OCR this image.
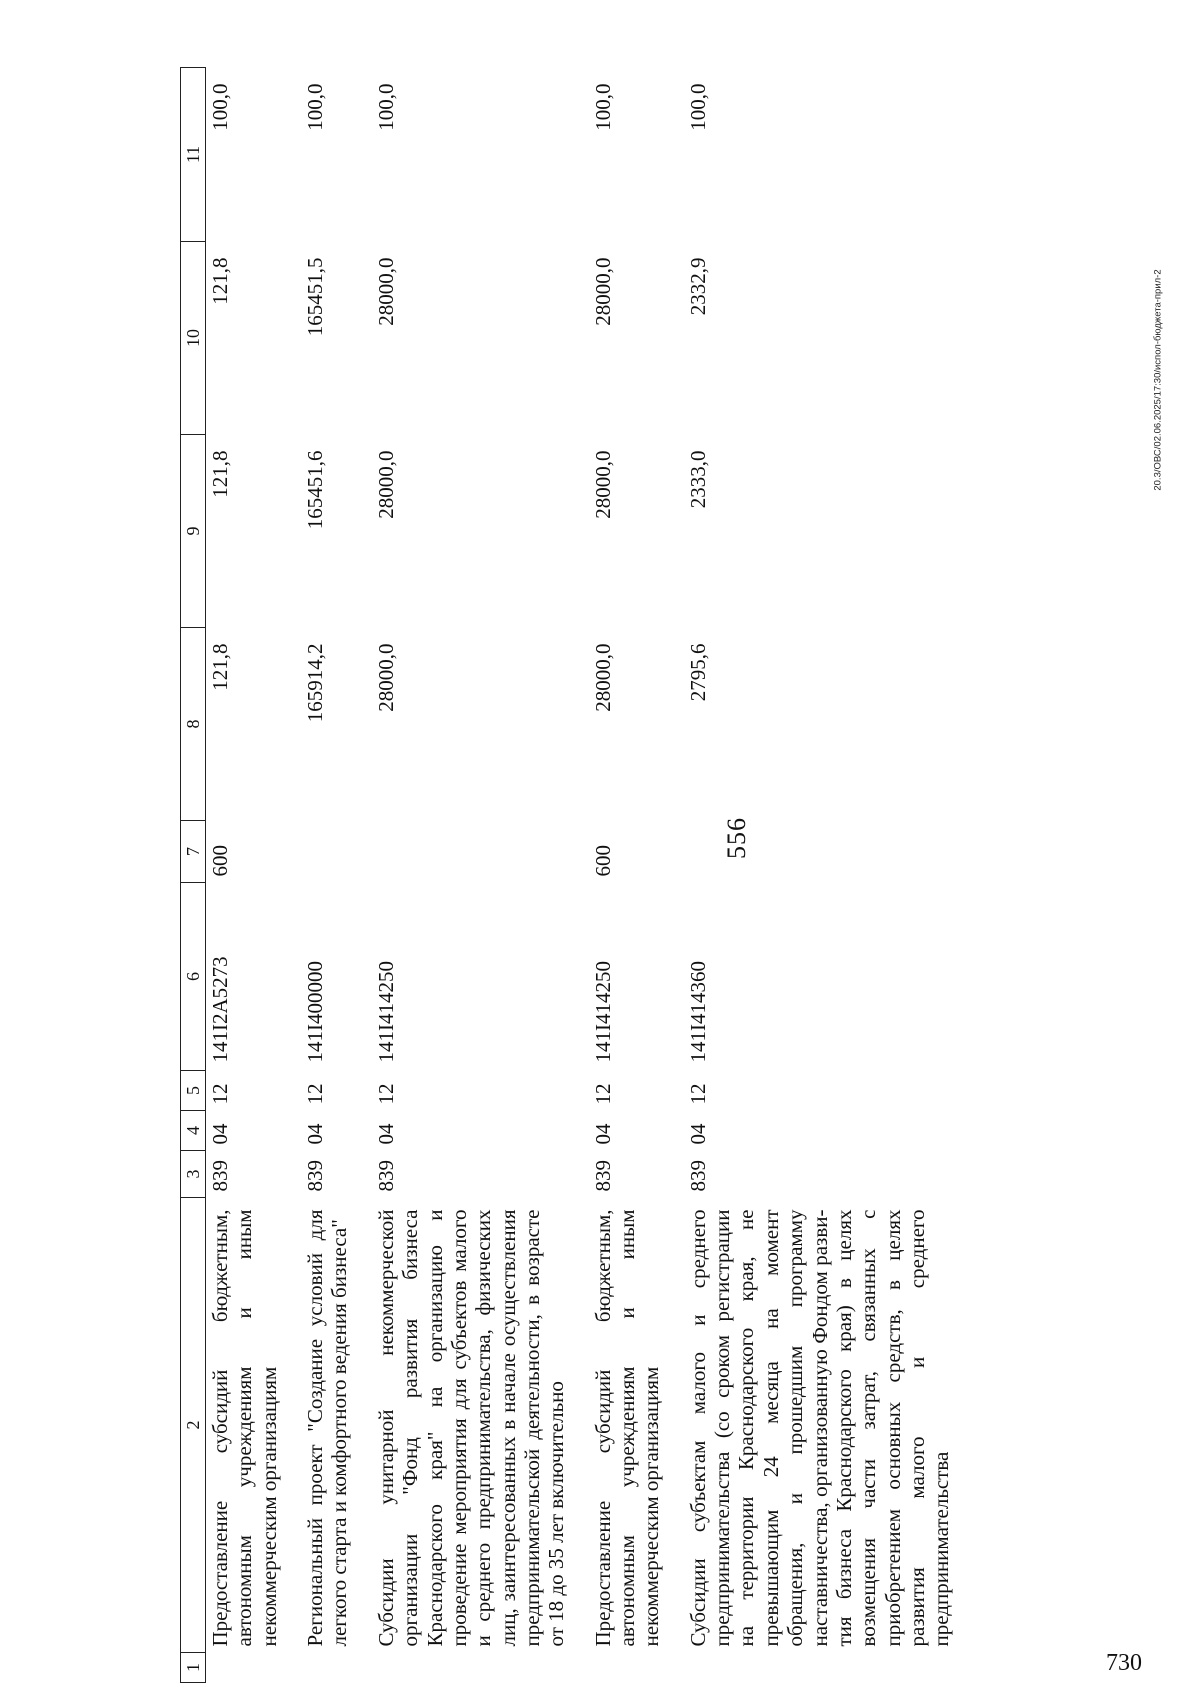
556
20.3/ОВС/02.06.2025/17:30/испол-бюджета-прил-2
730
1	2	3	4	5	6	7	8	9	10	11
	Предоставление субсидий бюджетным, автономным учреждениям и иным некоммерческим организациям	839	04	12	141I2A5273	600	121,8	121,8	121,8	100,0
	Региональный проект "Создание условий для легкого старта и комфортного ведения бизнеса"	839	04	12	141I400000		165914,2	165451,6	165451,5	100,0
	Субсидии унитарной некоммерческой организации "Фонд развития бизнеса Краснодарского края" на организацию и проведение мероприятия для субъектов малого и среднего предпринимательства, физических лиц, заинтересованных в начале осуществления предпринимательской деятельности, в возрасте от 18 до 35 лет включительно	839	04	12	141I414250		28000,0	28000,0	28000,0	100,0
	Предоставление субсидий бюджетным, автономным учреждениям и иным некоммерческим организациям	839	04	12	141I414250	600	28000,0	28000,0	28000,0	100,0
	Субсидии субъектам малого и среднего предпринимательства (со сроком регистрации на территории Краснодарского края, не превышающим 24 месяца на момент обращения, и прошедшим программу наставничества, организованную Фондом развития бизнеса Краснодарского края) в целях возмещения части затрат, связанных с приобретением основных средств, в целях развития малого и среднего предпринимательства	839	04	12	141I414360		2795,6	2333,0	2332,9	100,0
